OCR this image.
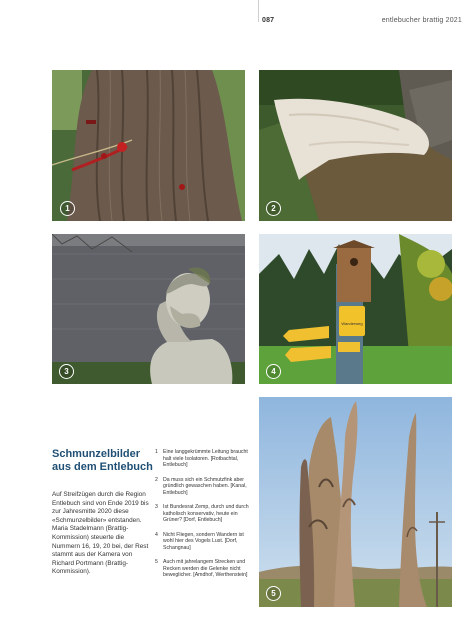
087	entlebucher brattig 2021
1	2
3
Wanderweg
4
5
Schmunzelbilder
aus dem Entlebuch
Auf Streifzügen durch die Region Entlebuch sind von Ende 2019 bis zur Jahresmitte 2020 diese «Schmunzelbilder» entstanden. Maria Stadelmann (Brattig-Kommission) steuerte die Nummern 16, 19, 20 bei, der Rest stammt aus der Kamera von Richard Portmann (Brattig-Kommission).
1 Eine langgekrümmte Leitung braucht halt viele Isolatoren. [Rotbachtal, Entlebuch]
2 Da muss sich ein Schmutzfink aber gründlich gewaschen haben. [Kanal, Entlebuch]
3 Ist Bundesrat Zemp, durch und durch katholisch konservativ, heute ein Grüner? [Dorf, Entlebuch]
4 Nicht Fliegen, sondern Wandern ist wohl hier des Vogels Lust. [Dorf, Schangnau]
5 Auch mit jahrelangem Strecken und Recken werden die Gelenke nicht beweglicher. [Amdhof, Werthenstein]
